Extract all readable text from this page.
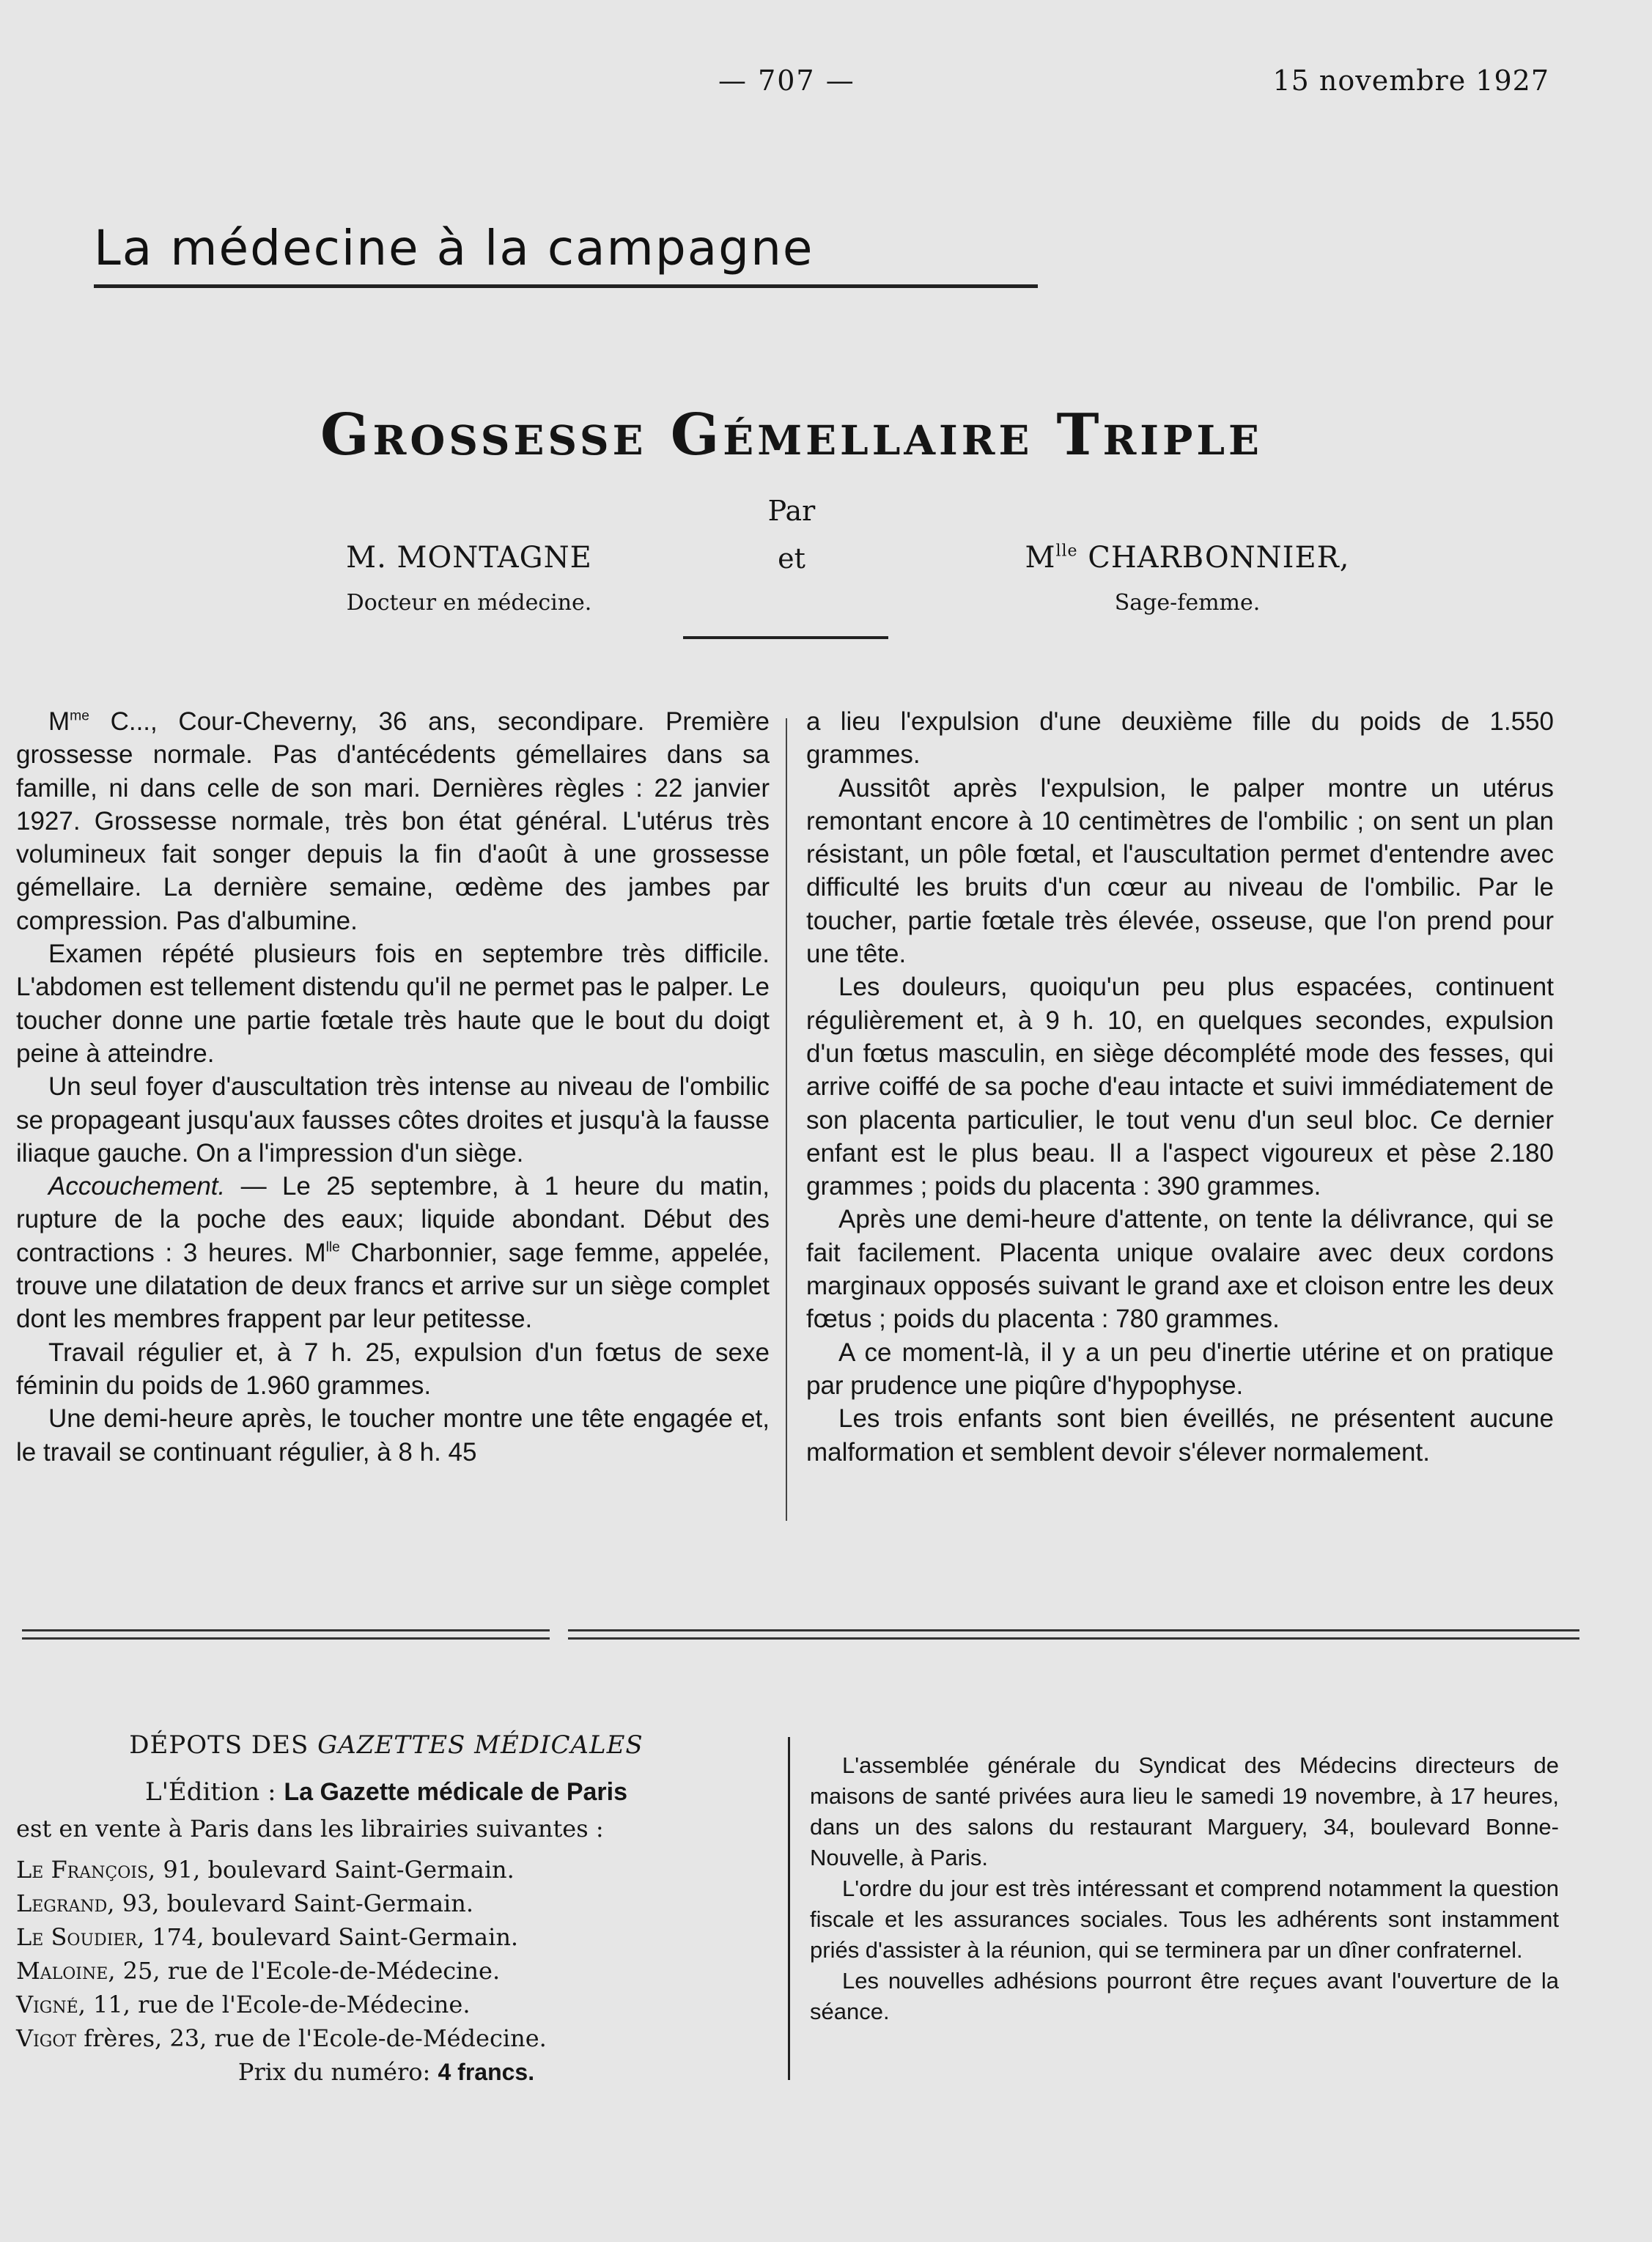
— 707 —	15 novembre 1927
La médecine à la campagne
Grossesse Gémellaire Triple
Par
et
M. MONTAGNE
Docteur en médecine.
$M^{lle}$ CHARBONNIER,
Sage-femme.

$M^{me}$ C..., Cour-Cheverny, 36 ans, secondipare. Première grossesse normale. Pas d'antécédents gémellaires dans sa famille, ni dans celle de son mari. Dernières règles : 22 janvier 1927. Grossesse normale, très bon état général. L'utérus très volumineux fait songer depuis la fin d'août à une grossesse gémellaire. La dernière semaine, œdème des jambes par compression. Pas d'albumine.

Examen répété plusieurs fois en septembre très difficile. L'abdomen est tellement distendu qu'il ne permet pas le palper. Le toucher donne une partie fœtale très haute que le bout du doigt peine à atteindre.

Un seul foyer d'auscultation très intense au niveau de l'ombilic se propageant jusqu'aux fausses côtes droites et jusqu'à la fausse iliaque gauche. On a l'impression d'un siège.

Accouchement. — Le 25 septembre, à 1 heure du matin, rupture de la poche des eaux; liquide abondant. Début des contractions : 3 heures. $M^{lle}$ Charbonnier, sage femme, appelée, trouve une dilatation de deux francs et arrive sur un siège complet dont les membres frappent par leur petitesse.

Travail régulier et, à 7 h. 25, expulsion d'un fœtus de sexe féminin du poids de 1.960 grammes.

Une demi-heure après, le toucher montre une tête engagée et, le travail se continuant régulier, à 8 h. 45

a lieu l'expulsion d'une deuxième fille du poids de 1.550 grammes.

Aussitôt après l'expulsion, le palper montre un utérus remontant encore à 10 centimètres de l'ombilic ; on sent un plan résistant, un pôle fœtal, et l'auscultation permet d'entendre avec difficulté les bruits d'un cœur au niveau de l'ombilic. Par le toucher, partie fœtale très élevée, osseuse, que l'on prend pour une tête.

Les douleurs, quoiqu'un peu plus espacées, continuent régulièrement et, à 9 h. 10, en quelques secondes, expulsion d'un fœtus masculin, en siège décomplété mode des fesses, qui arrive coiffé de sa poche d'eau intacte et suivi immédiatement de son placenta particulier, le tout venu d'un seul bloc. Ce dernier enfant est le plus beau. Il a l'aspect vigoureux et pèse 2.180 grammes ; poids du placenta : 390 grammes.

Après une demi-heure d'attente, on tente la délivrance, qui se fait facilement. Placenta unique ovalaire avec deux cordons marginaux opposés suivant le grand axe et cloison entre les deux fœtus ; poids du placenta : 780 grammes.

A ce moment-là, il y a un peu d'inertie utérine et on pratique par prudence une piqûre d'hypophyse.

Les trois enfants sont bien éveillés, ne présentent aucune malformation et semblent devoir s'élever normalement.

DÉPOTS DES GAZETTES MÉDICALES
L'Édition : La Gazette médicale de Paris
est en vente à Paris dans les librairies suivantes :
Le François, 91, boulevard Saint-Germain.
Legrand, 93, boulevard Saint-Germain.
Le Soudier, 174, boulevard Saint-Germain.
Maloine, 25, rue de l'Ecole-de-Médecine.
Vigné, 11, rue de l'Ecole-de-Médecine.
Vigot frères, 23, rue de l'Ecole-de-Médecine.
Prix du numéro: 4 francs.

L'assemblée générale du Syndicat des Médecins directeurs de maisons de santé privées aura lieu le samedi 19 novembre, à 17 heures, dans un des salons du restaurant Marguery, 34, boulevard Bonne-Nouvelle, à Paris.

L'ordre du jour est très intéressant et comprend notamment la question fiscale et les assurances sociales. Tous les adhérents sont instamment priés d'assister à la réunion, qui se terminera par un dîner confraternel.

Les nouvelles adhésions pourront être reçues avant l'ouverture de la séance.
